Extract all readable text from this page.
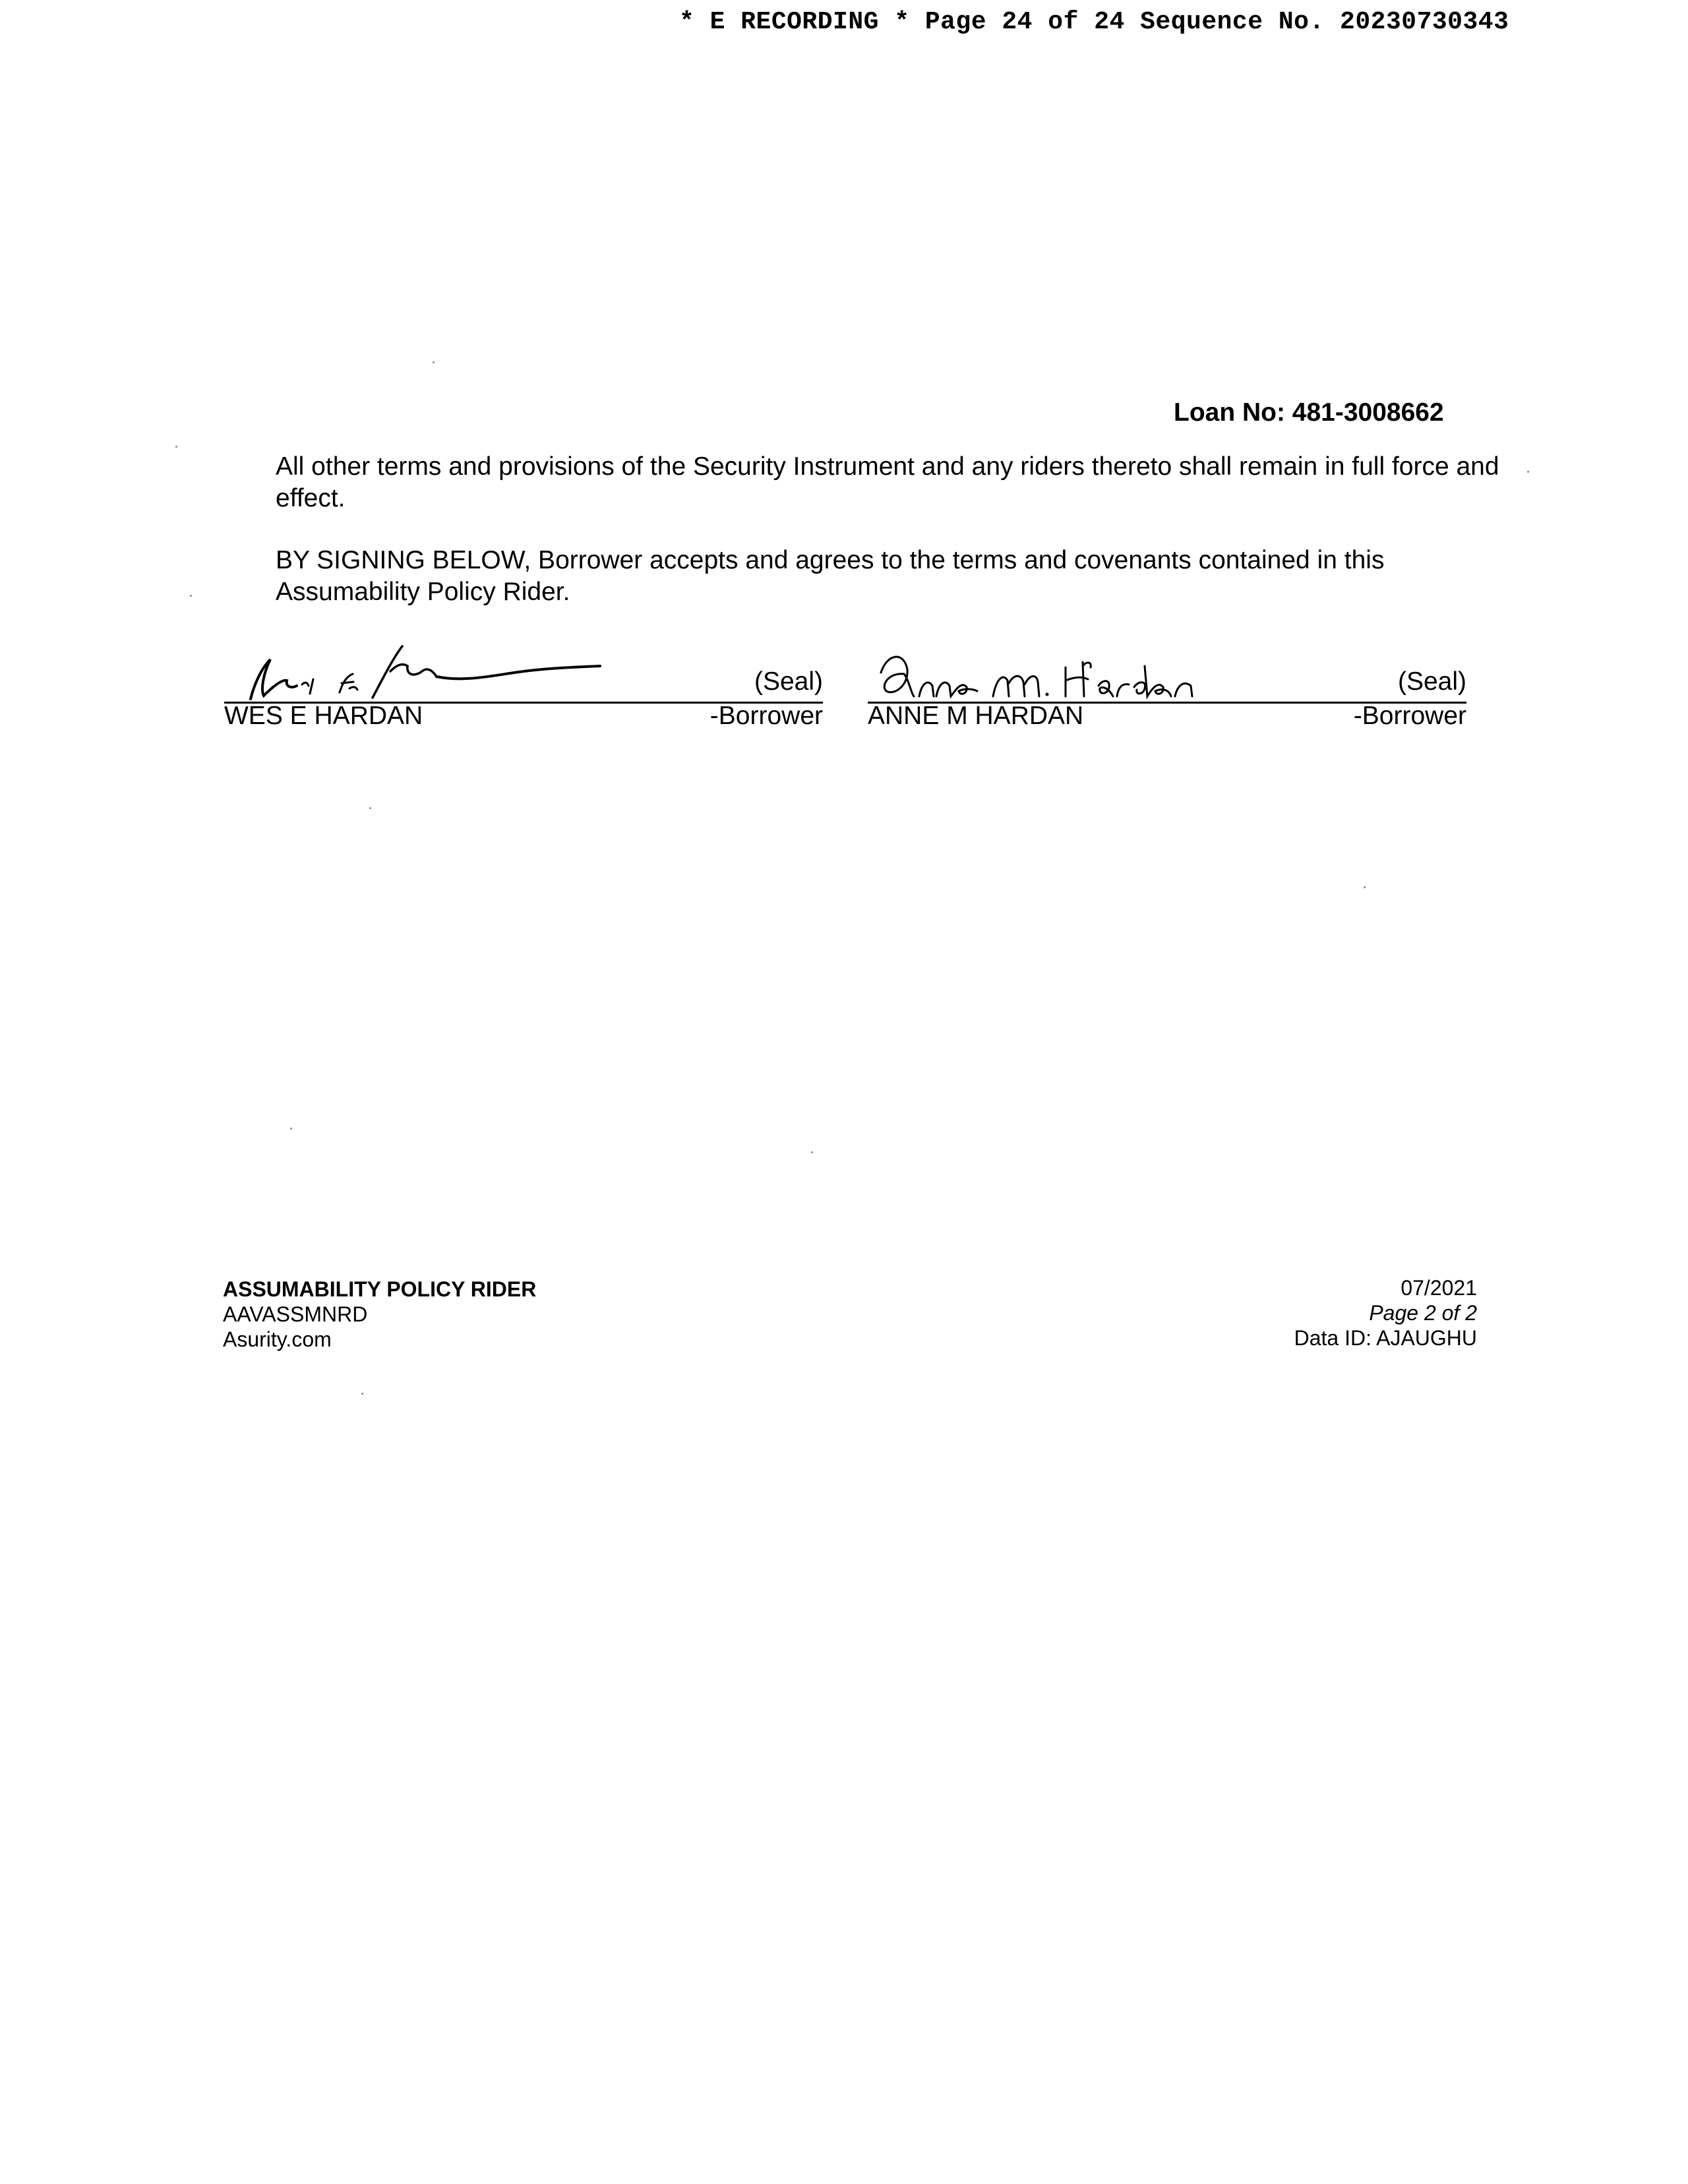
* E RECORDING * Page 24 of 24 Sequence No. 20230730343
Loan No: 481-3008662
All other terms and provisions of the Security Instrument and any riders thereto shall remain in full force and effect.
BY SIGNING BELOW, Borrower accepts and agrees to the terms and covenants contained in this Assumability Policy Rider.
(Seal)
WES E HARDAN	-Borrower
(Seal)
ANNE M HARDAN	-Borrower
ASSUMABILITY POLICY RIDER
AAVASSMNRD
Asurity.com
07/2021
Page 2 of 2
Data ID: AJAUGHU
